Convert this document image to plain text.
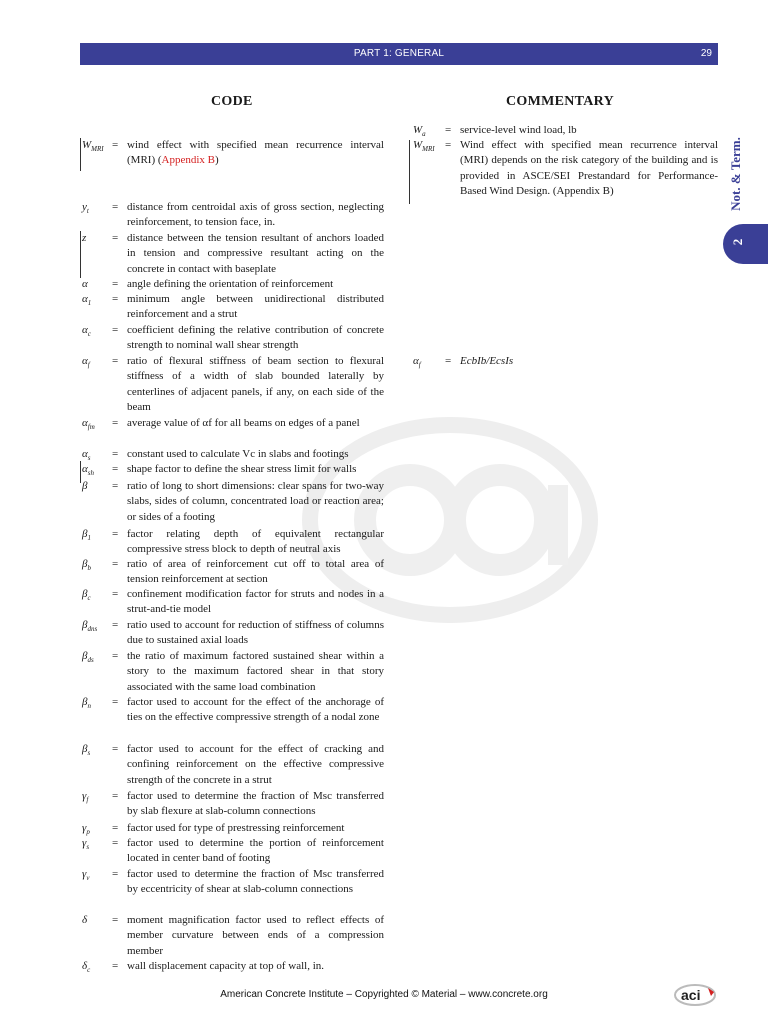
PART 1: GENERAL	29
CODE	COMMENTARY
Not. & Term.
2
$W_{MRI}$ = wind effect with specified mean recurrence interval (MRI) (Appendix B)
$y_t$ = distance from centroidal axis of gross section, neglecting reinforcement, to tension face, in.
z = distance between the tension resultant of anchors loaded in tension and compressive resultant acting on the concrete in contact with baseplate
α = angle defining the orientation of reinforcement
$\alpha_1$ = minimum angle between unidirectional distributed reinforcement and a strut
$\alpha_c$ = coefficient defining the relative contribution of concrete strength to nominal wall shear strength
$\alpha_f$ = ratio of flexural stiffness of beam section to flexural stiffness of a width of slab bounded laterally by centerlines of adjacent panels, if any, on each side of the beam
$\alpha_{fm}$ = average value of αf for all beams on edges of a panel
$\alpha_s$ = constant used to calculate Vc in slabs and footings
$\alpha_{sh}$ = shape factor to define the shear stress limit for walls
β = ratio of long to short dimensions: clear spans for two-way slabs, sides of column, concentrated load or reaction area; or sides of a footing
$\beta_1$ = factor relating depth of equivalent rectangular compressive stress block to depth of neutral axis
$\beta_b$ = ratio of area of reinforcement cut off to total area of tension reinforcement at section
$\beta_c$ = confinement modification factor for struts and nodes in a strut-and-tie model
$\beta_{dns}$ = ratio used to account for reduction of stiffness of columns due to sustained axial loads
$\beta_{ds}$ = the ratio of maximum factored sustained shear within a story to the maximum factored shear in that story associated with the same load combination
$\beta_n$ = factor used to account for the effect of the anchorage of ties on the effective compressive strength of a nodal zone
$\beta_s$ = factor used to account for the effect of cracking and confining reinforcement on the effective compressive strength of the concrete in a strut
$\gamma_f$ = factor used to determine the fraction of Msc transferred by slab flexure at slab-column connections
$\gamma_p$ = factor used for type of prestressing reinforcement
$\gamma_s$ = factor used to determine the portion of reinforcement located in center band of footing
$\gamma_v$ = factor used to determine the fraction of Msc transferred by eccentricity of shear at slab-column connections
δ = moment magnification factor used to reflect effects of member curvature between ends of a compression member
$\delta_c$ = wall displacement capacity at top of wall, in.
$W_a$ = service-level wind load, lb
$W_{MRI}$ = Wind effect with specified mean recurrence interval (MRI) depends on the risk category of the building and is provided in ASCE/SEI Prestandard for Performance-Based Wind Design. (Appendix B)
$\alpha_f$ = EcbIb/EcsIs
American Concrete Institute – Copyrighted © Material – www.concrete.org	aci
